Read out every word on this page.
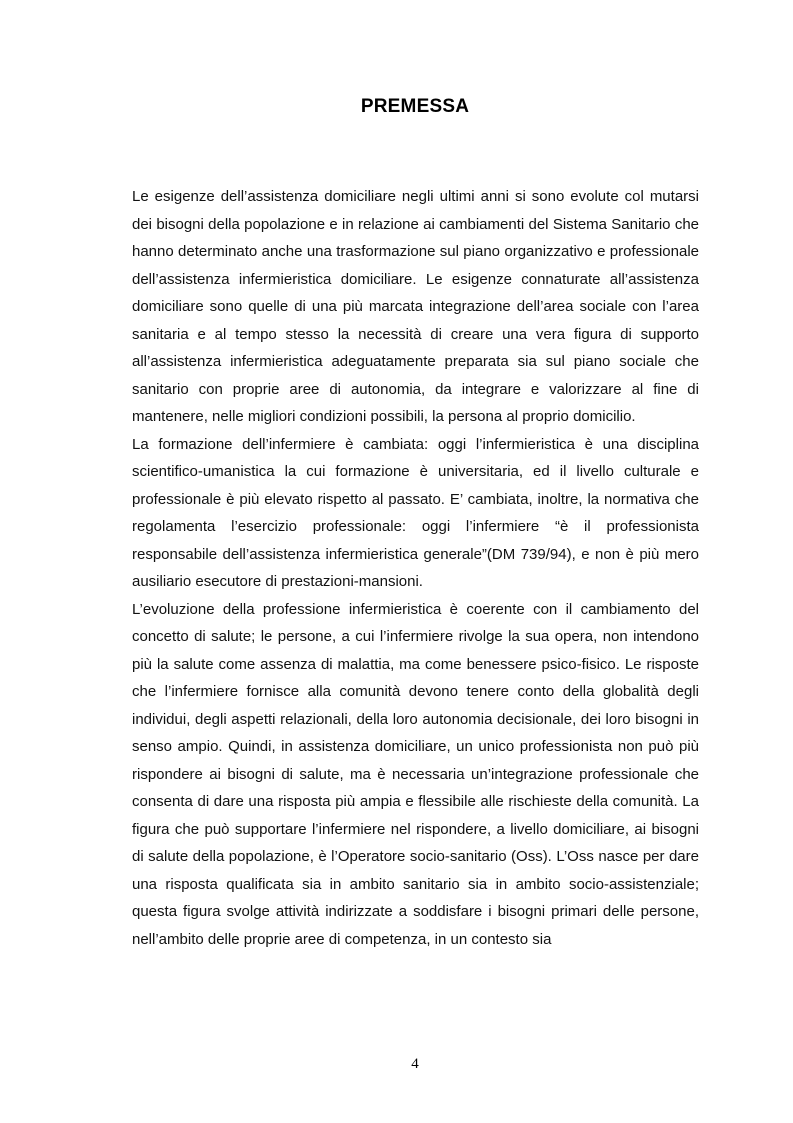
PREMESSA

Le esigenze dell’assistenza domiciliare negli ultimi anni si sono evolute col mutarsi dei bisogni della popolazione e in relazione ai cambiamenti del Sistema Sanitario che hanno determinato anche una trasformazione sul piano organizzativo e professionale dell’assistenza infermieristica domiciliare. Le esigenze connaturate all’assistenza domiciliare sono quelle di una più marcata integrazione dell’area sociale con l’area sanitaria e al tempo stesso la necessità di creare una vera figura di supporto all’assistenza infermieristica adeguatamente preparata sia sul piano sociale che sanitario con proprie aree di autonomia, da integrare e valorizzare al fine di mantenere, nelle migliori condizioni possibili, la persona al proprio domicilio.

La formazione dell’infermiere è cambiata: oggi l’infermieristica è una disciplina scientifico-umanistica la cui formazione è universitaria, ed il livello culturale e professionale è più elevato rispetto al passato. E’ cambiata, inoltre, la normativa che regolamenta l’esercizio professionale: oggi l’infermiere “è il professionista responsabile dell’assistenza infermieristica generale”(DM 739/94), e non è più mero ausiliario esecutore di prestazioni-mansioni.

L’evoluzione della professione infermieristica è coerente con il cambiamento del concetto di salute; le persone, a cui l’infermiere rivolge la sua opera, non intendono più la salute come assenza di malattia, ma come benessere psico-fisico. Le risposte che l’infermiere fornisce alla comunità devono tenere conto della globalità degli individui, degli aspetti relazionali, della loro autonomia decisionale, dei loro bisogni in senso ampio. Quindi, in assistenza domiciliare, un unico professionista non può più rispondere ai bisogni di salute, ma è necessaria un’integrazione professionale che consenta di dare una risposta più ampia e flessibile alle rischieste della comunità. La figura che può supportare l’infermiere nel rispondere, a livello domiciliare, ai bisogni di salute della popolazione, è l’Operatore socio-sanitario (Oss). L’Oss nasce per dare una risposta qualificata sia in ambito sanitario sia in ambito socio-assistenziale; questa figura svolge attività indirizzate a soddisfare i bisogni primari delle persone, nell’ambito delle proprie aree di competenza, in un contesto sia

4
